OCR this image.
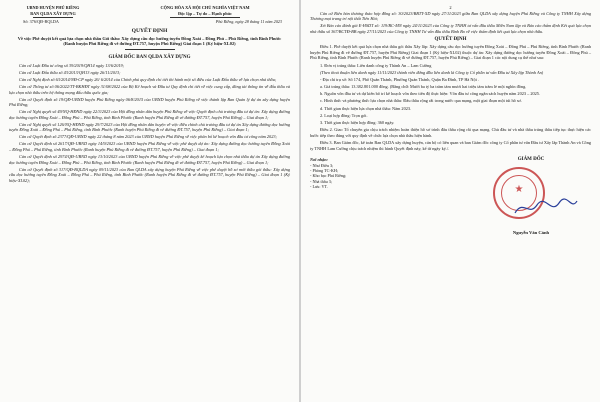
UBND HUYỆN PHÚ RIỀNG
BAN QLDA XÂY DỰNG
CỘNG HÒA XÃ HỘI CHỦ NGHĨA VIỆT NAM
Độc lập – Tự do – Hạnh phúc
Số: 376/QĐ-BQLDA	Phú Riềng, ngày 28 tháng 11 năm 2023
QUYẾT ĐỊNH
Về việc Phê duyệt kết quả lựa chọn nhà thầu Gói thầu: Xây dựng cầu dọc hướng tuyến Đồng Xoài – Đồng Phú – Phú Riềng, tỉnh Bình Phước (Ranh huyện Phú Riềng đi vê đường ĐT.757, huyện Phú Riềng) Giai đoạn 1 (Ký hiệu-XL02)
GIÁM ĐỐC BAN QLDA XÂY DỰNG

Căn cứ Luật Đầu tư công số 39/2019/QH14 ngày 13/6/2019;

Căn cứ Luật Đấu thầu số 43/2013/QH13 ngày 26/11/2013;

Căn cứ Nghị định số 63/2014/NĐ-CP ngày 26/ 6/2014 của Chính phủ quy định chi tiết thi hành một số điều của Luật Đấu thầu về lựa chọn nhà thầu;

Căn cứ Thông tư số 06/2022/TT-BKHĐT ngày 31/08/2022 của Bộ Kế hoạch và Đầu tư Quy định chi tiết về việc cung cấp, đăng tải thông tin về đấu thầu và lựa chọn nhà thầu trên hệ thống mạng đấu thầu quốc gia;

Căn cứ Quyết định số 19/QĐ-UBND huyện Phú Riềng ngày 06/8/2015 của UBND huyện Phú Riềng về việc thành lập Ban Quản lý dự án xây dựng huyện Phú Riềng;

Căn cứ Nghị quyết số 49/NQ-HĐND ngày 22/3/2023 của Hội đồng nhân dân huyện Phú Riềng về việc Quyết định chủ trương đầu tư dự án: Xây dựng đường dọc hướng tuyến Đồng Xoài – Đồng Phú – Phú Riềng, tỉnh Bình Phước (Ranh huyện Phú Riềng đi vê đường ĐT.757, huyện Phú Riềng) – Giai đoạn 1;

Căn cứ Nghị quyết số 126/NQ-HĐND ngày 29/7/2023 của Hội đồng nhân dân huyện về việc điều chỉnh chủ trương đầu tư dự án Xây dựng đường dọc hướng tuyến Đồng Xoài – Đồng Phú – Phú Riềng, tỉnh Bình Phước (Ranh huyện Phú Riềng đi vê đường ĐT.757, huyện Phú Riềng) – Giai đoạn 1;

Căn cứ Quyết định số 2377/QĐ-UBND ngày 22 tháng 8 năm 2023 của UBND huyện Phú Riềng về việc phân bổ kế hoạch vốn đầu tư công năm 2023;

Căn cứ Quyết định số 2617/QĐ-UBND ngày 14/9/2023 của UBND huyện Phú Riềng về việc phê duyệt dự án: Xây dựng đường dọc hướng tuyến Đồng Xoài – Đồng Phú – Phú Riềng, tỉnh Bình Phước (Ranh huyện Phú Riềng đi vê đường ĐT.757, huyện Phú Riềng) – Giai đoạn 1;

Căn cứ Quyết định số 2974/QĐ-UBND ngày 13/10/2023 của UBND huyện Phú Riềng về việc phê duyệt kế hoạch lựa chọn nhà thầu dự án Xây dựng đường dọc hướng tuyến Đồng Xoài – Đồng Phú – Phú Riềng, tỉnh Bình Phước (Ranh huyện Phú Riềng đi vê đường ĐT.757, huyện Phú Riềng) – Giai đoạn 1;

Căn cứ Quyết định số 317/QĐ-BQLDA ngày 09/11/2023 của Ban QLDA xây dựng huyện Phú Riềng về việc phê duyệt hồ sơ mời thầu gói thầu: Xây dựng cầu dọc hướng tuyến Đồng Xoài – Đồng Phú – Phú Riềng, tỉnh Bình Phước (Ranh huyện Phú Riềng đi vê đường ĐT.757, huyện Phú Riềng) – Giai đoạn 1 (Ký hiệu-XL02);

2

Căn cứ Biên bản thương thảo hợp đồng số: 30/2023/BBTT-XD ngày 27/11/2023 giữa Ban QLDA xây dựng huyện Phú Riềng và Công ty TNHH Xây dựng Thương mại trang trí nội thất Tiến Hải;

Xét Báo cáo đánh giá E-HSDT số: 119/BC-MN ngày 24/11/2023 của Công ty TNHH tư vấn đầu thầu Miền Nam lập và Báo cáo thẩm định Kết quả lựa chọn nhà thầu số 367/BCTĐ-BB ngày 27/11/2023 của Công ty TNHH Tư vấn đầu thầu Bình Bo về việc thẩm định kết quả lựa chọn nhà thầu.

QUYẾT ĐỊNH

Điều 1. Phê duyệt kết quả lựa chọn nhà thầu gói thầu Xây lắp: Xây dựng cầu dọc hướng tuyến Đồng Xoài – Đồng Phú – Phú Riềng, tỉnh Bình Phước (Ranh huyện Phú Riềng đi vê đường ĐT.757, huyện Phú Riềng) Giai đoạn 1 (Ký hiệu-XL02) thuộc dự án: Xây dựng đường dọc hướng tuyến Đồng Xoài – Đồng Phú – Phú Riềng, tỉnh Bình Phước (Ranh huyện Phú Riềng đi vê đường ĐT.757, huyện Phú Riềng) – Giai đoạn 1 các nội dung cụ thể như sau:

1. Đơn vị trúng thầu: Liên danh công ty Thành An – Lam Cường

(Theo thoả thuận liên danh ngày 11/11/2023 thành viên đứng đầu liên danh là Công ty Cổ phần tư vấn Đầu tư Xây lập Thành An)

- Địa chỉ trụ sở: Số 174, Phố Quán Thánh, Phường Quán Thánh, Quận Ba Đình, TP Hà Nội .

a. Giá trúng thầu: 13.382.801.000 đồng. (Bằng chữ: Mười ba tỷ ba trăm tám mươi hai triệu tám trăm lẻ một nghìn đồng.

b. Nguồn vốn đầu tư và dự kiến bố trí kế hoạch vốn theo tiến độ thực hiện: Vốn đầu tư công ngân sách huyện năm 2023 – 2025.

c. Hình thức và phương thức lựa chọn nhà thầu: Đấu thầu rộng rãi trong nước qua mạng, một giai đoạn một túi hồ sơ.

d. Thời gian thực hiện lựa chọn nhà thầu: Năm 2023.

2. Loại hợp đồng: Trọn gói.

3. Thời gian thực hiện hợp đồng: 360 ngày.

Điều 2. Giao Tổ chuyên gia chịu trách nhiệm hoàn thiện hồ sơ trình đấu thầu rộng rãi qua mạng. Chủ đầu tư và nhà thầu trúng thầu tiếp tục thực hiện các bước tiếp theo đúng với quy định về chức lựa chọn nhà thầu hiện hành.

Điều 3. Ban Giám đốc, kế toán Ban QLDA xây dựng huyện, cán bộ có liên quan và ban Giám đốc công ty Cổ phần tư vấn Đầu tư Xây lắp Thành An và Công ty TNHH Lam Cường chịu trách nhiệm thi hành Quyết định này, kể từ ngày ký./.

Nơi nhận:
- Như Điều 3;
- Phòng TC-KH;
- Kho bạc Phú Riềng;
- Nhà thầu 3;
- Lưu: VT.
GIÁM ĐỐC
★
Nguyễn Văn Cảnh
